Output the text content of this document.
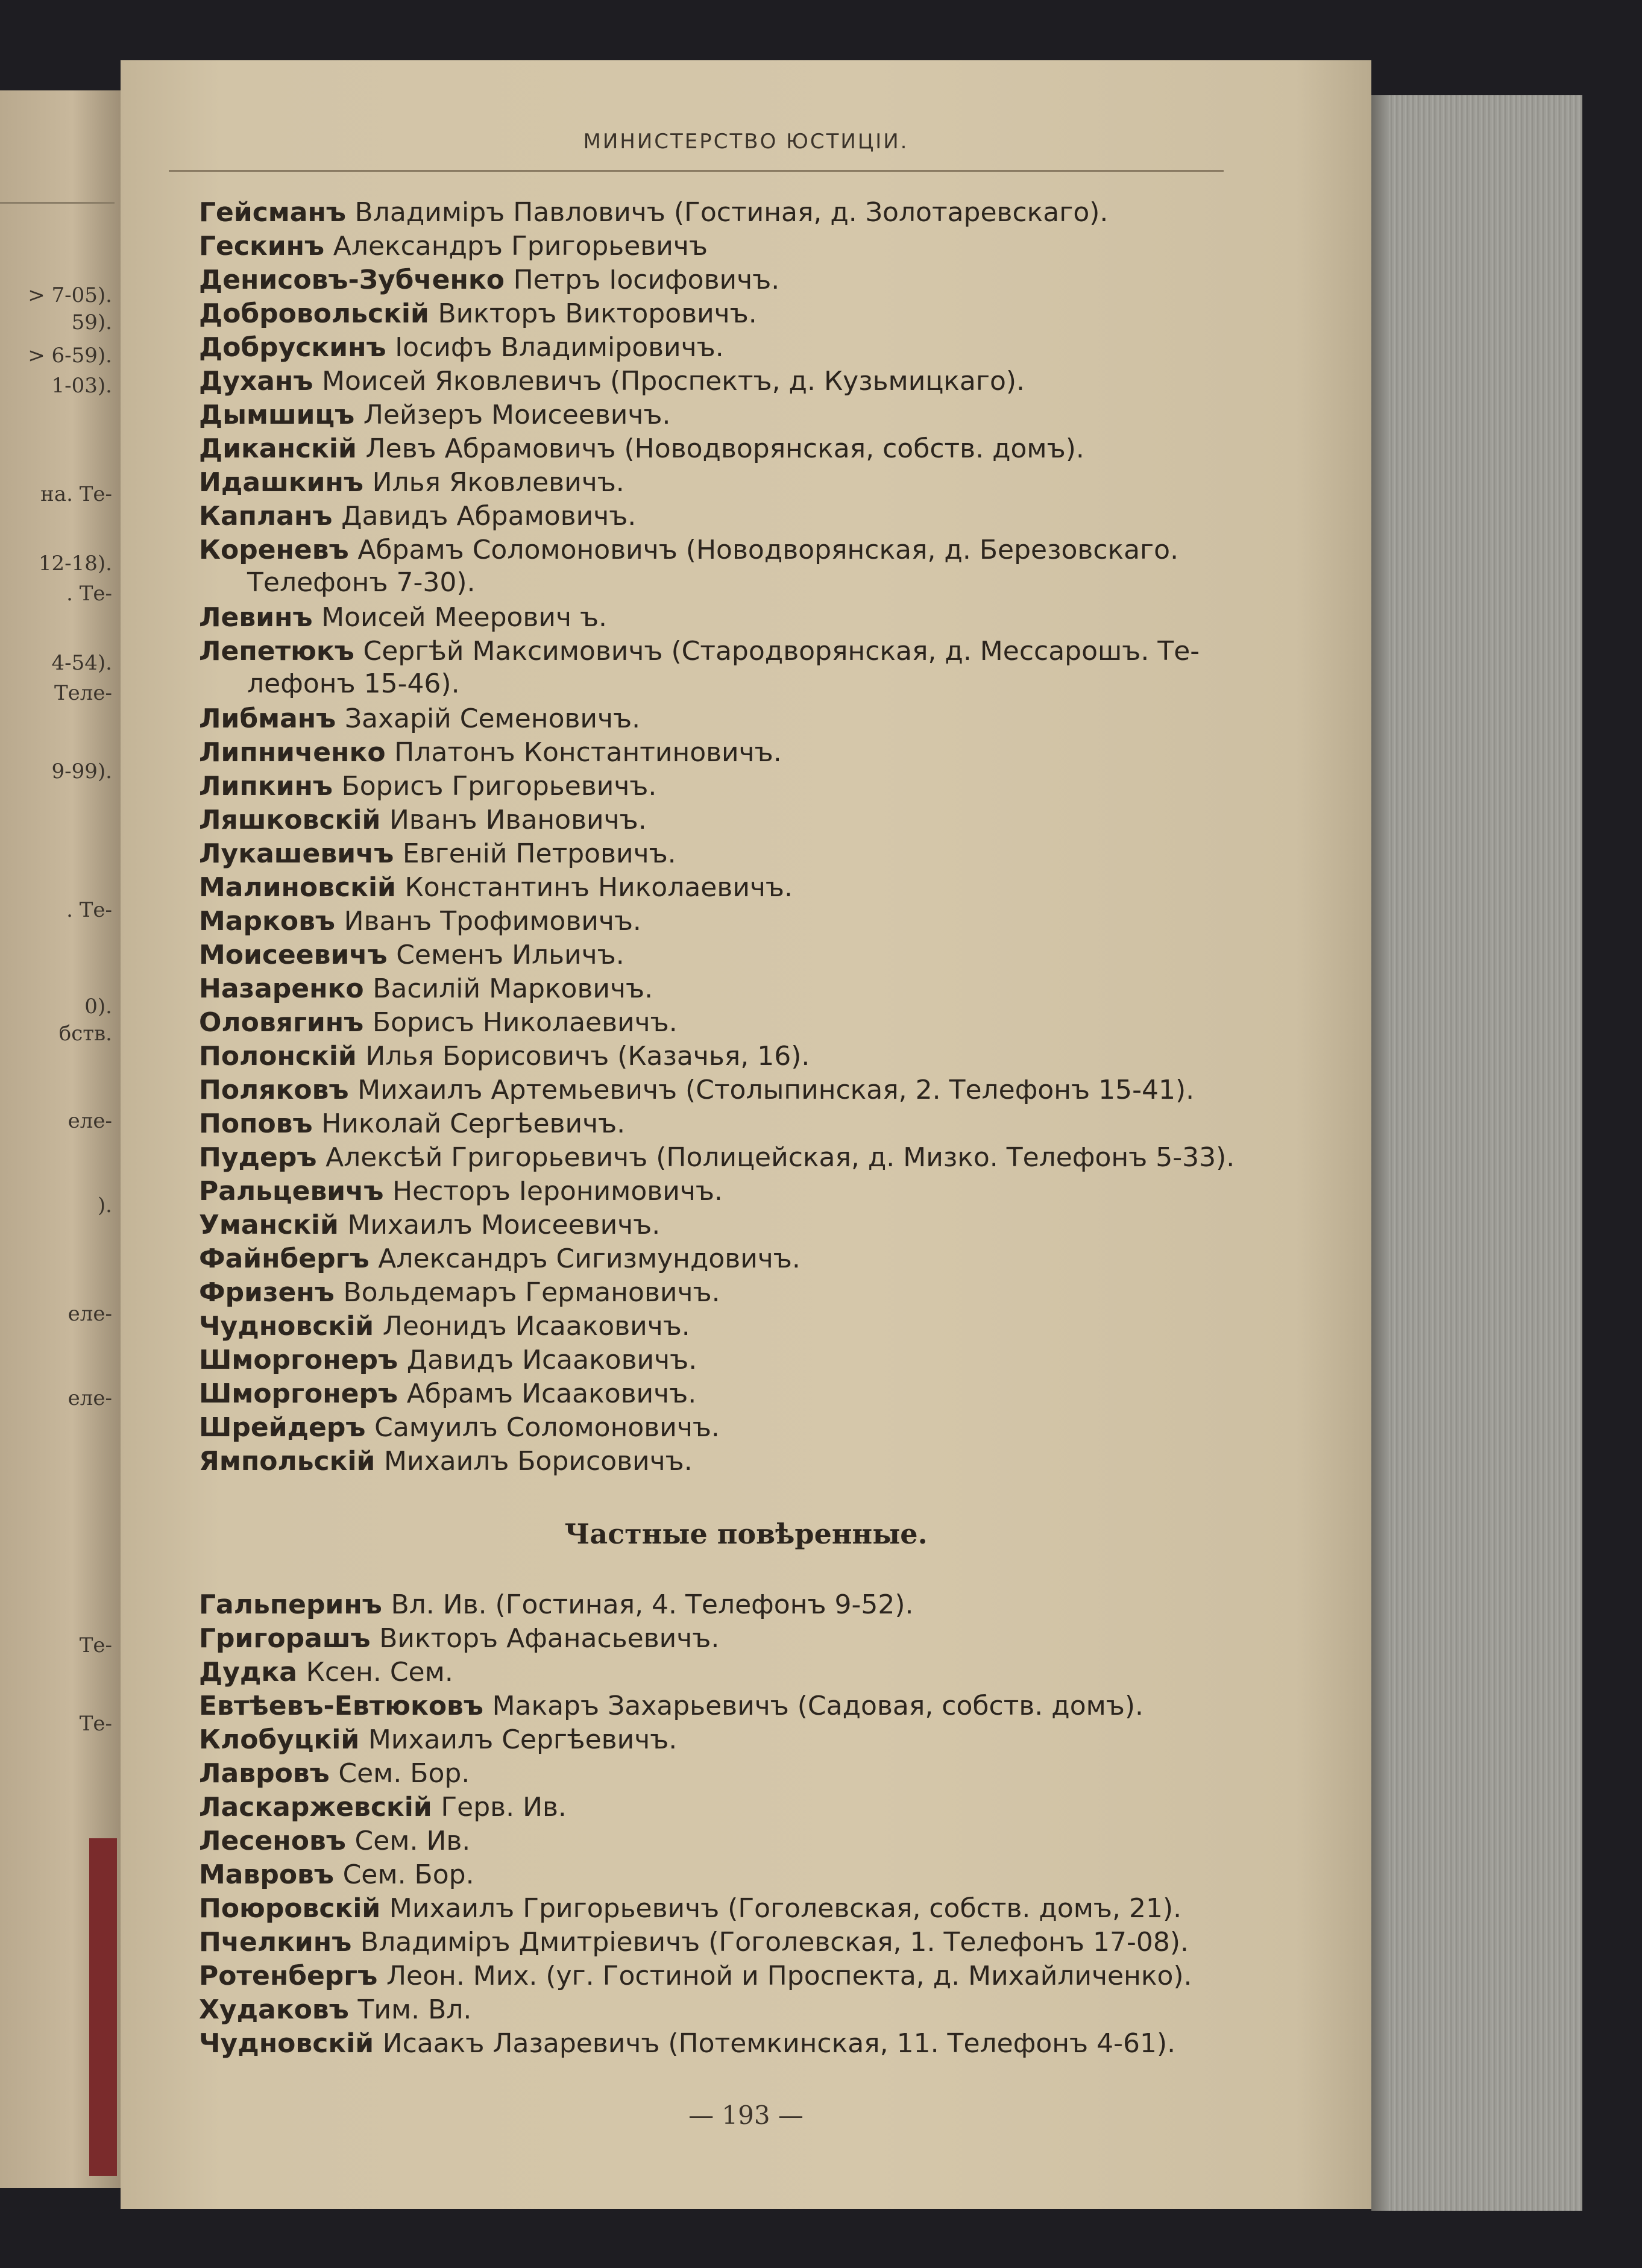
> 7-05).
59).
> 6-59).
1-03).
на. Те-
12-18).
. Те-
4-54).
Теле-
9-99).
. Те-
0).
бств.
еле-
).
еле-
еле-
Те-
Те-
МИНИСТЕРСТВО ЮСТИЦІИ.
Гейсманъ Владиміръ Павловичъ (Гостиная, д. Золотаревскаго).
Гескинъ Александръ Григорьевичъ
Денисовъ-Зубченко Петръ Іосифовичъ.
Добровольскій Викторъ Викторовичъ.
Добрускинъ Іосифъ Владиміровичъ.
Духанъ Моисей Яковлевичъ (Проспектъ, д. Кузьмицкаго).
Дымшицъ Лейзеръ Моисеевичъ.
Диканскій Левъ Абрамовичъ (Новодворянская, собств. домъ).
Идашкинъ Илья Яковлевичъ.
Капланъ Давидъ Абрамовичъ.
Кореневъ Абрамъ Соломоновичъ (Новодворянская, д. Березовскаго.
Телефонъ 7-30).
Левинъ Моисей Меерович ъ.
Лепетюкъ Сергѣй Максимовичъ (Стародворянская, д. Мессарошъ. Те-
лефонъ 15-46).
Либманъ Захарій Семеновичъ.
Липниченко Платонъ Константиновичъ.
Липкинъ Борисъ Григорьевичъ.
Ляшковскій Иванъ Ивановичъ.
Лукашевичъ Евгеній Петровичъ.
Малиновскій Константинъ Николаевичъ.
Марковъ Иванъ Трофимовичъ.
Моисеевичъ Семенъ Ильичъ.
Назаренко Василій Марковичъ.
Оловягинъ Борисъ Николаевичъ.
Полонскій Илья Борисовичъ (Казачья, 16).
Поляковъ Михаилъ Артемьевичъ (Столыпинская, 2. Телефонъ 15-41).
Поповъ Николай Сергѣевичъ.
Пудеръ Алексѣй Григорьевичъ (Полицейская, д. Мизко. Телефонъ 5-33).
Ральцевичъ Несторъ Іеронимовичъ.
Уманскій Михаилъ Моисеевичъ.
Файнбергъ Александръ Сигизмундовичъ.
Фризенъ Вольдемаръ Германовичъ.
Чудновскій Леонидъ Исааковичъ.
Шморгонеръ Давидъ Исааковичъ.
Шморгонеръ Абрамъ Исааковичъ.
Шрейдеръ Самуилъ Соломоновичъ.
Ямпольскій Михаилъ Борисовичъ.
Частные повѣренные.
Гальперинъ Вл. Ив. (Гостиная, 4. Телефонъ 9-52).
Григорашъ Викторъ Афанасьевичъ.
Дудка Ксен. Сем.
Евтѣевъ-Евтюковъ Макаръ Захарьевичъ (Садовая, собств. домъ).
Клобуцкій Михаилъ Сергѣевичъ.
Лавровъ Сем. Бор.
Ласкаржевскій Герв. Ив.
Лесеновъ Сем. Ив.
Мавровъ Сем. Бор.
Поюровскій Михаилъ Григорьевичъ (Гоголевская, собств. домъ, 21).
Пчелкинъ Владиміръ Дмитріевичъ (Гоголевская, 1. Телефонъ 17-08).
Ротенбергъ Леон. Мих. (уг. Гостиной и Проспекта, д. Михайличенко).
Худаковъ Тим. Вл.
Чудновскій Исаакъ Лазаревичъ (Потемкинская, 11. Телефонъ 4-61).
— 193 —
